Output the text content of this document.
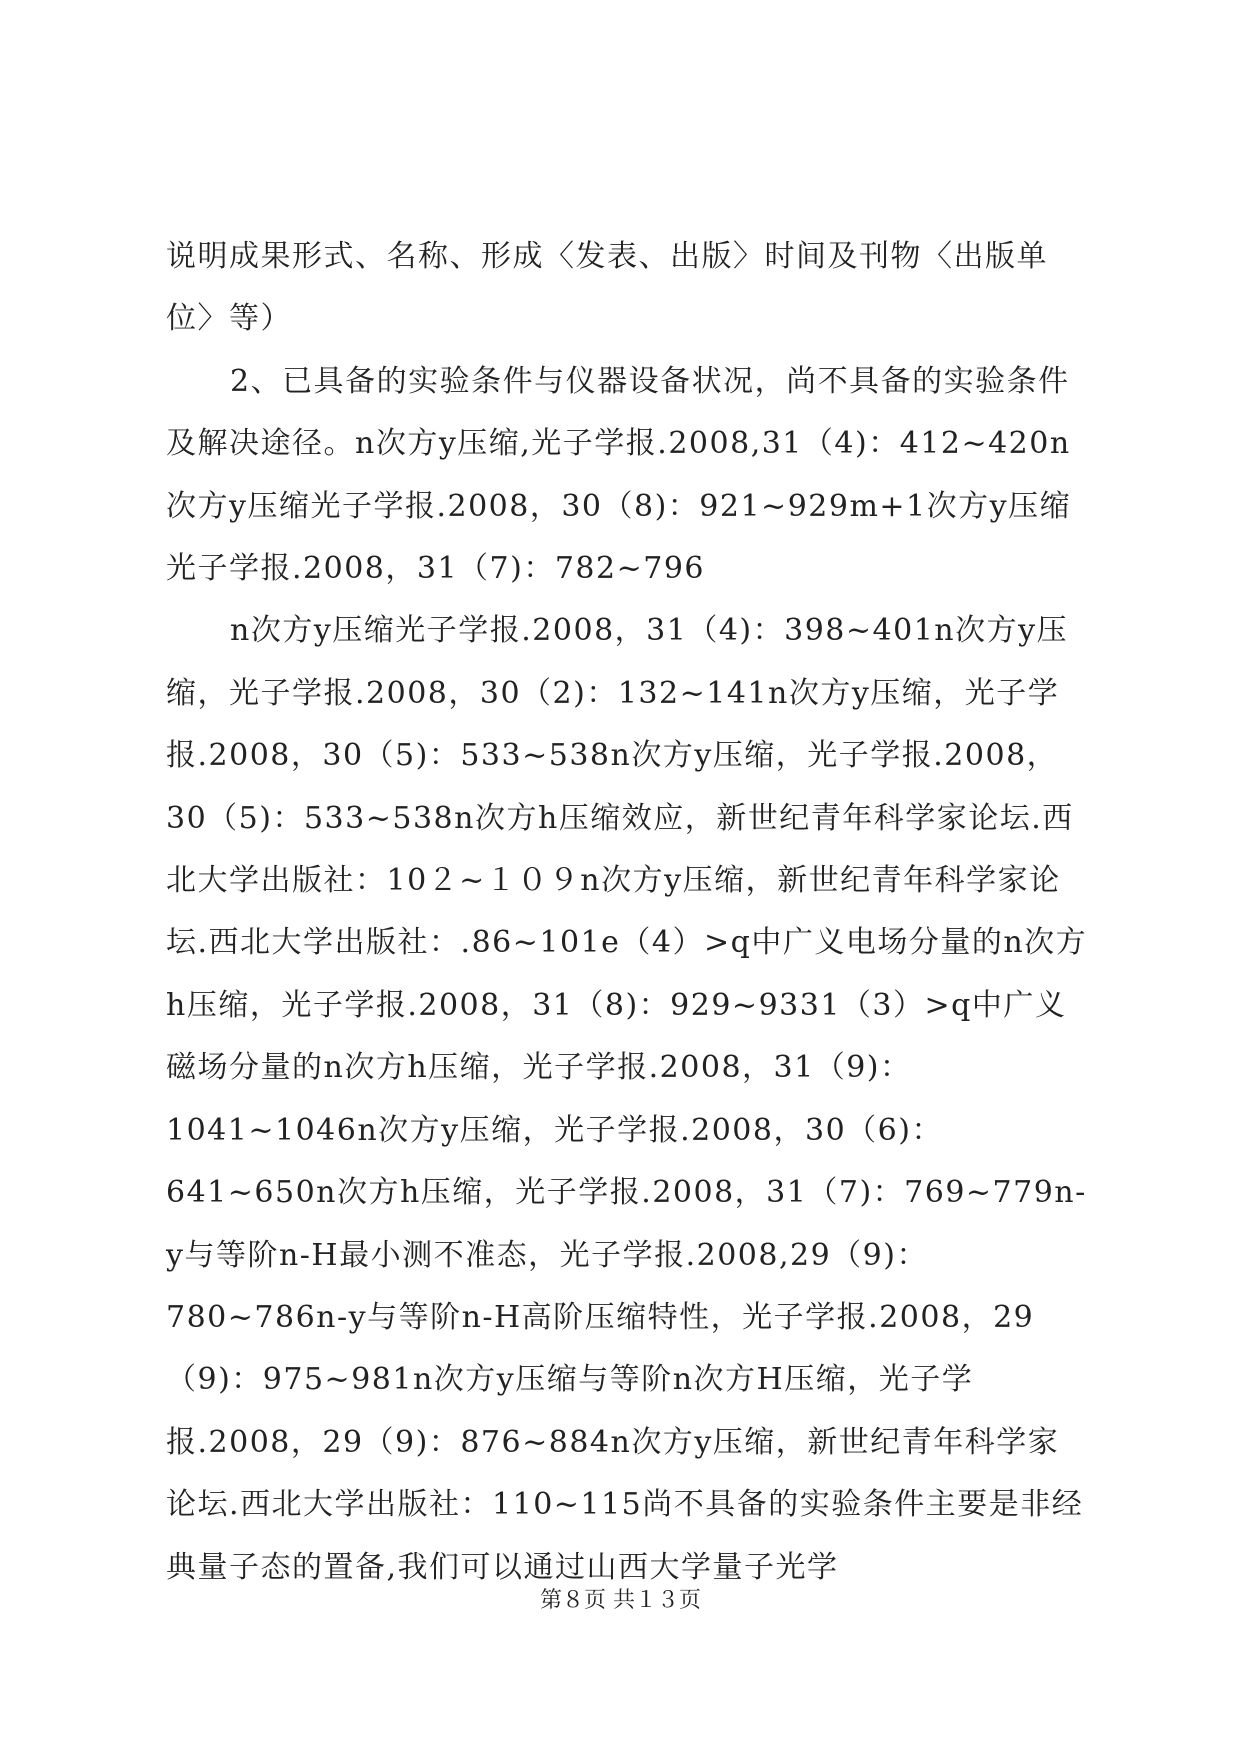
说明成果形式、名称、形成〈发表、出版〉时间及刊物〈出版单位〉等）

2、已具备的实验条件与仪器设备状况，尚不具备的实验条件及解决途径。n次方y压缩,光子学报.2008,31（4)：412~420n次方y压缩光子学报.2008，30（8)：921~929m+1次方y压缩光子学报.2008，31（7)：782~796

n次方y压缩光子学报.2008，31（4)：398~401n次方y压缩，光子学报.2008，30（2)：132~141n次方y压缩，光子学报.2008，30（5)：533~538n次方y压缩，光子学报.2008，30（5)：533~538n次方h压缩效应，新世纪青年科学家论坛.西北大学出版社：10２~１０９n次方y压缩，新世纪青年科学家论坛.西北大学出版社：.86~101e（4）>q中广义电场分量的n次方h压缩，光子学报.2008，31（8)：929~9331（3）>q中广义磁场分量的n次方h压缩，光子学报.2008，31（9)：1041~1046n次方y压缩，光子学报.2008，30（6)：641~650n次方h压缩，光子学报.2008，31（7)：769~779n-y与等阶n-H最小测不准态，光子学报.2008,29（9)：780~786n-y与等阶n-H高阶压缩特性，光子学报.2008，29（9)：975~981n次方y压缩与等阶n次方H压缩，光子学报.2008，29（9)：876~884n次方y压缩，新世纪青年科学家论坛.西北大学出版社：110~115尚不具备的实验条件主要是非经典量子态的置备,我们可以通过山西大学量子光学

第８页 共１３页
